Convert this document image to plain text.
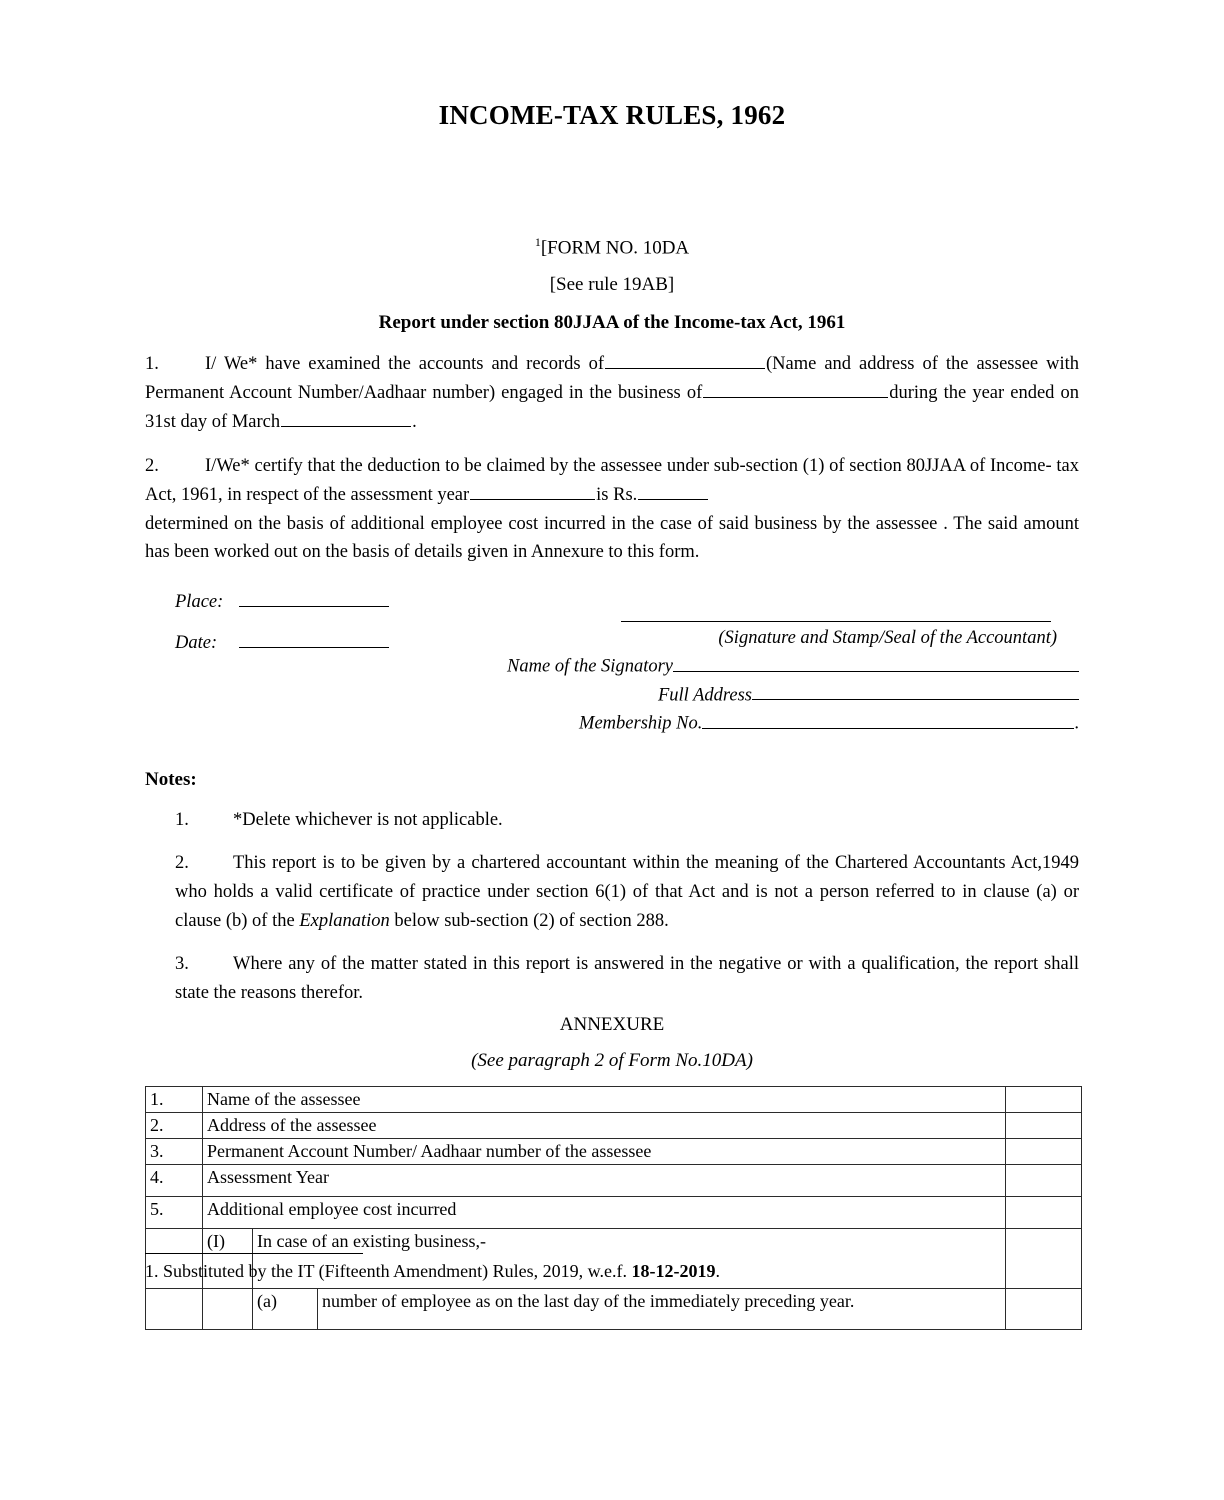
INCOME-TAX RULES, 1962
$^1$[FORM NO. 10DA
[See rule 19AB]
Report under section 80JJAA of the Income-tax Act, 1961
1. I/ We* have examined the accounts and records of	(Name and address of the assessee with Permanent Account Number/Aadhaar number) engaged in the business of	during the year ended on 31st day of March	.
2. I/We* certify that the deduction to be claimed by the assessee under sub-section (1) of section 80JJAA of Income- tax Act, 1961, in respect of the assessment year	is Rs.
determined on the basis of additional employee cost incurred in the case of said business by the assessee . The said amount has been worked out on the basis of details given in Annexure to this form.
Place:
Date:	(Signature and Stamp/Seal of the Accountant)
Name of the Signatory
Full Address
Membership No.	.
Notes:
1. *Delete whichever is not applicable.
2. This report is to be given by a chartered accountant within the meaning of the Chartered Accountants Act,1949 who holds a valid certificate of practice under section 6(1) of that Act and is not a person referred to in clause (a) or clause (b) of the Explanation below sub-section (2) of section 288.
3. Where any of the matter stated in this report is answered in the negative or with a qualification, the report shall state the reasons therefor.
ANNEXURE
(See paragraph 2 of Form No.10DA)
1.	Name of the assessee			
2.	Address of the assessee			
3.	Permanent Account Number/ Aadhaar number of the assessee			
4.	Assessment Year			
5.	Additional employee cost incurred			
	(I)	In case of an existing business,-		
		(a)	number of employee as on the last day of the immediately preceding year.	
1. Substituted by the IT (Fifteenth Amendment) Rules, 2019, w.e.f. 18-12-2019.
